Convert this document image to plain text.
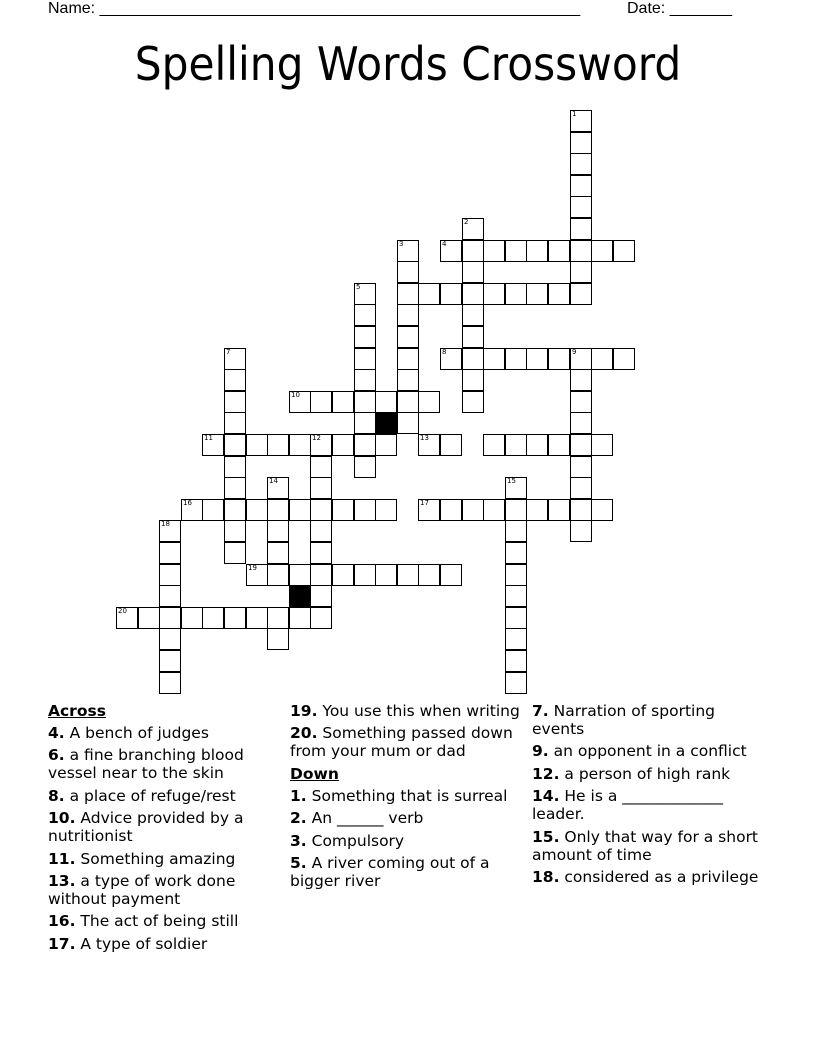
Name: ______________________________________________________	Date: _______
Spelling Words Crossword
1
2
3	4
5
7	8	9
10
11	12	13
14	15
16	17
18
19
20
Across
4. A bench of judges
6. a fine branching blood vessel near to the skin
8. a place of refuge/rest
10. Advice provided by a nutritionist
11. Something amazing
13. a type of work done without payment
16. The act of being still
17. A type of soldier
19. You use this when writing
20. Something passed down from your mum or dad
Down
1. Something that is surreal
2. An ______ verb
3. Compulsory
5. A river coming out of a bigger river
7. Narration of sporting events
9. an opponent in a conflict
12. a person of high rank
14. He is a _____________ leader.
15. Only that way for a short amount of time
18. considered as a privilege
